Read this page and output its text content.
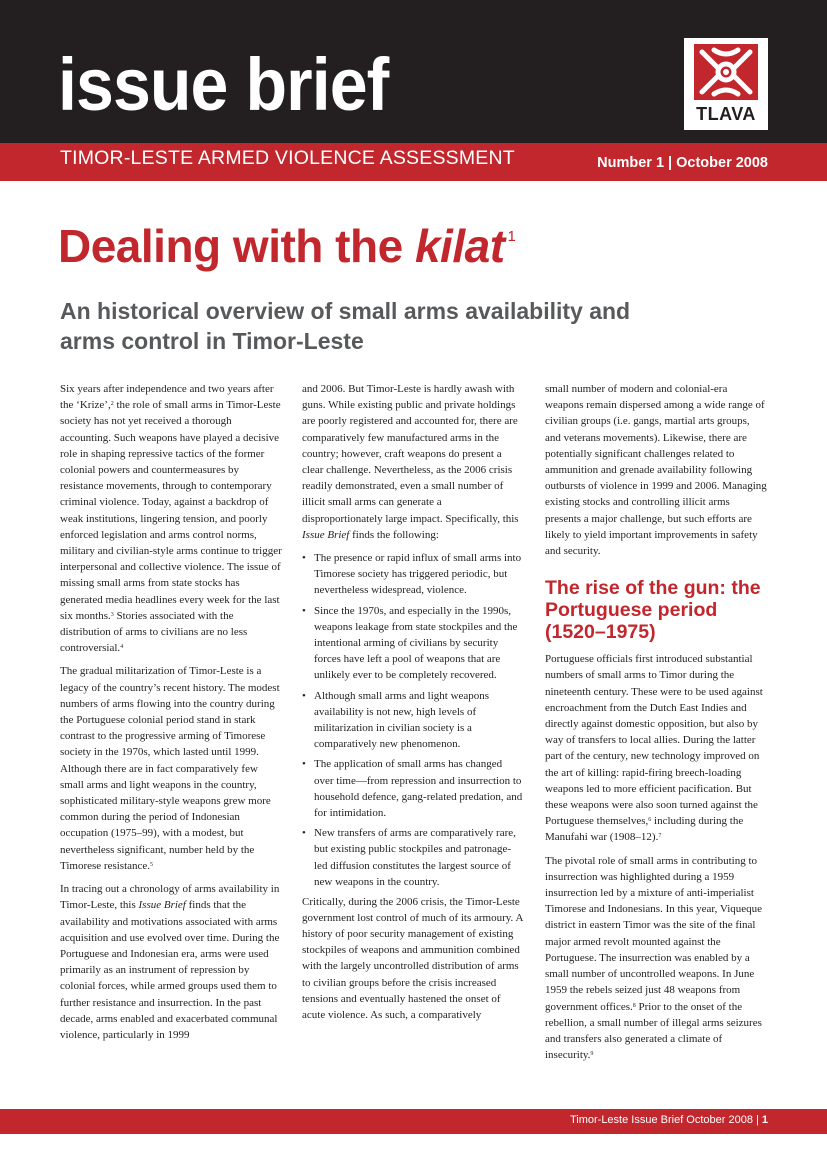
issue brief	TLAVA
TIMOR-LESTE ARMED VIOLENCE ASSESSMENT	Number 1 | October 2008
Dealing with the kilat $^1$
An historical overview of small arms availability and arms control in Timor-Leste

Six years after independence and two years after the ‘Krize’,$^2$ the role of small arms in Timor-Leste society has not yet received a thorough accounting. Such weapons have played a decisive role in shaping repressive tactics of the former colonial powers and countermeasures by resistance movements, through to contemporary criminal violence. Today, against a backdrop of weak institutions, lingering tension, and poorly enforced legislation and arms control norms, military and civilian-style arms continue to trigger interpersonal and collective violence. The issue of missing small arms from state stocks has generated media headlines every week for the last six months.$^3$ Stories associated with the distribution of arms to civilians are no less controversial.$^4$

The gradual militarization of Timor-Leste is a legacy of the country’s recent history. The modest numbers of arms flowing into the country during the Portuguese colonial period stand in stark contrast to the progressive arming of Timorese society in the 1970s, which lasted until 1999. Although there are in fact comparatively few small arms and light weapons in the country, sophisticated military-style weapons grew more common during the period of Indonesian occupation (1975–99), with a modest, but nevertheless significant, number held by the Timorese resistance.$^5$

In tracing out a chronology of arms availability in Timor-Leste, this Issue Brief finds that the availability and motivations associated with arms acquisition and use evolved over time. During the Portuguese and Indonesian era, arms were used primarily as an instrument of repression by colonial forces, while armed groups used them to further resistance and insurrection. In the past decade, arms enabled and exacerbated communal violence, particularly in 1999

and 2006. But Timor-Leste is hardly awash with guns. While existing public and private holdings are poorly registered and accounted for, there are comparatively few manufactured arms in the country; however, craft weapons do present a clear challenge. Nevertheless, as the 2006 crisis readily demonstrated, even a small number of illicit small arms can generate a disproportionately large impact. Specifically, this Issue Brief finds the following:

• The presence or rapid influx of small arms into Timorese society has triggered periodic, but nevertheless widespread, violence.
• Since the 1970s, and especially in the 1990s, weapons leakage from state stockpiles and the intentional arming of civilians by security forces have left a pool of weapons that are unlikely ever to be completely recovered.
• Although small arms and light weapons availability is not new, high levels of militarization in civilian society is a comparatively new phenomenon.
• The application of small arms has changed over time—from repression and insurrection to household defence, gang-related predation, and for intimidation.
• New transfers of arms are comparatively rare, but existing public stockpiles and patronage-led diffusion constitutes the largest source of new weapons in the country.

Critically, during the 2006 crisis, the Timor-Leste government lost control of much of its armoury. A history of poor security management of existing stockpiles of weapons and ammunition combined with the largely uncontrolled distribution of arms to civilian groups before the crisis increased tensions and eventually hastened the onset of acute violence. As such, a comparatively

small number of modern and colonial-era weapons remain dispersed among a wide range of civilian groups (i.e. gangs, martial arts groups, and veterans movements). Likewise, there are potentially significant challenges related to ammunition and grenade availability following outbursts of violence in 1999 and 2006. Managing existing stocks and controlling illicit arms presents a major challenge, but such efforts are likely to yield important improvements in safety and security.

The rise of the gun: the Portuguese period (1520–1975)

Portuguese officials first introduced substantial numbers of small arms to Timor during the nineteenth century. These were to be used against encroachment from the Dutch East Indies and directly against domestic opposition, but also by way of transfers to local allies. During the latter part of the century, new technology improved on the art of killing: rapid-firing breech-loading weapons led to more efficient pacification. But these weapons were also soon turned against the Portuguese themselves,$^6$ including during the Manufahi war (1908–12).$^7$

The pivotal role of small arms in contributing to insurrection was highlighted during a 1959 insurrection led by a mixture of anti-imperialist Timorese and Indonesians. In this year, Viqueque district in eastern Timor was the site of the final major armed revolt mounted against the Portuguese. The insurrection was enabled by a small number of uncontrolled weapons. In June 1959 the rebels seized just 48 weapons from government offices.$^8$ Prior to the onset of the rebellion, a small number of illegal arms seizures and transfers also generated a climate of insecurity.$^9$

Timor-Leste Issue Brief October 2008 | 1
